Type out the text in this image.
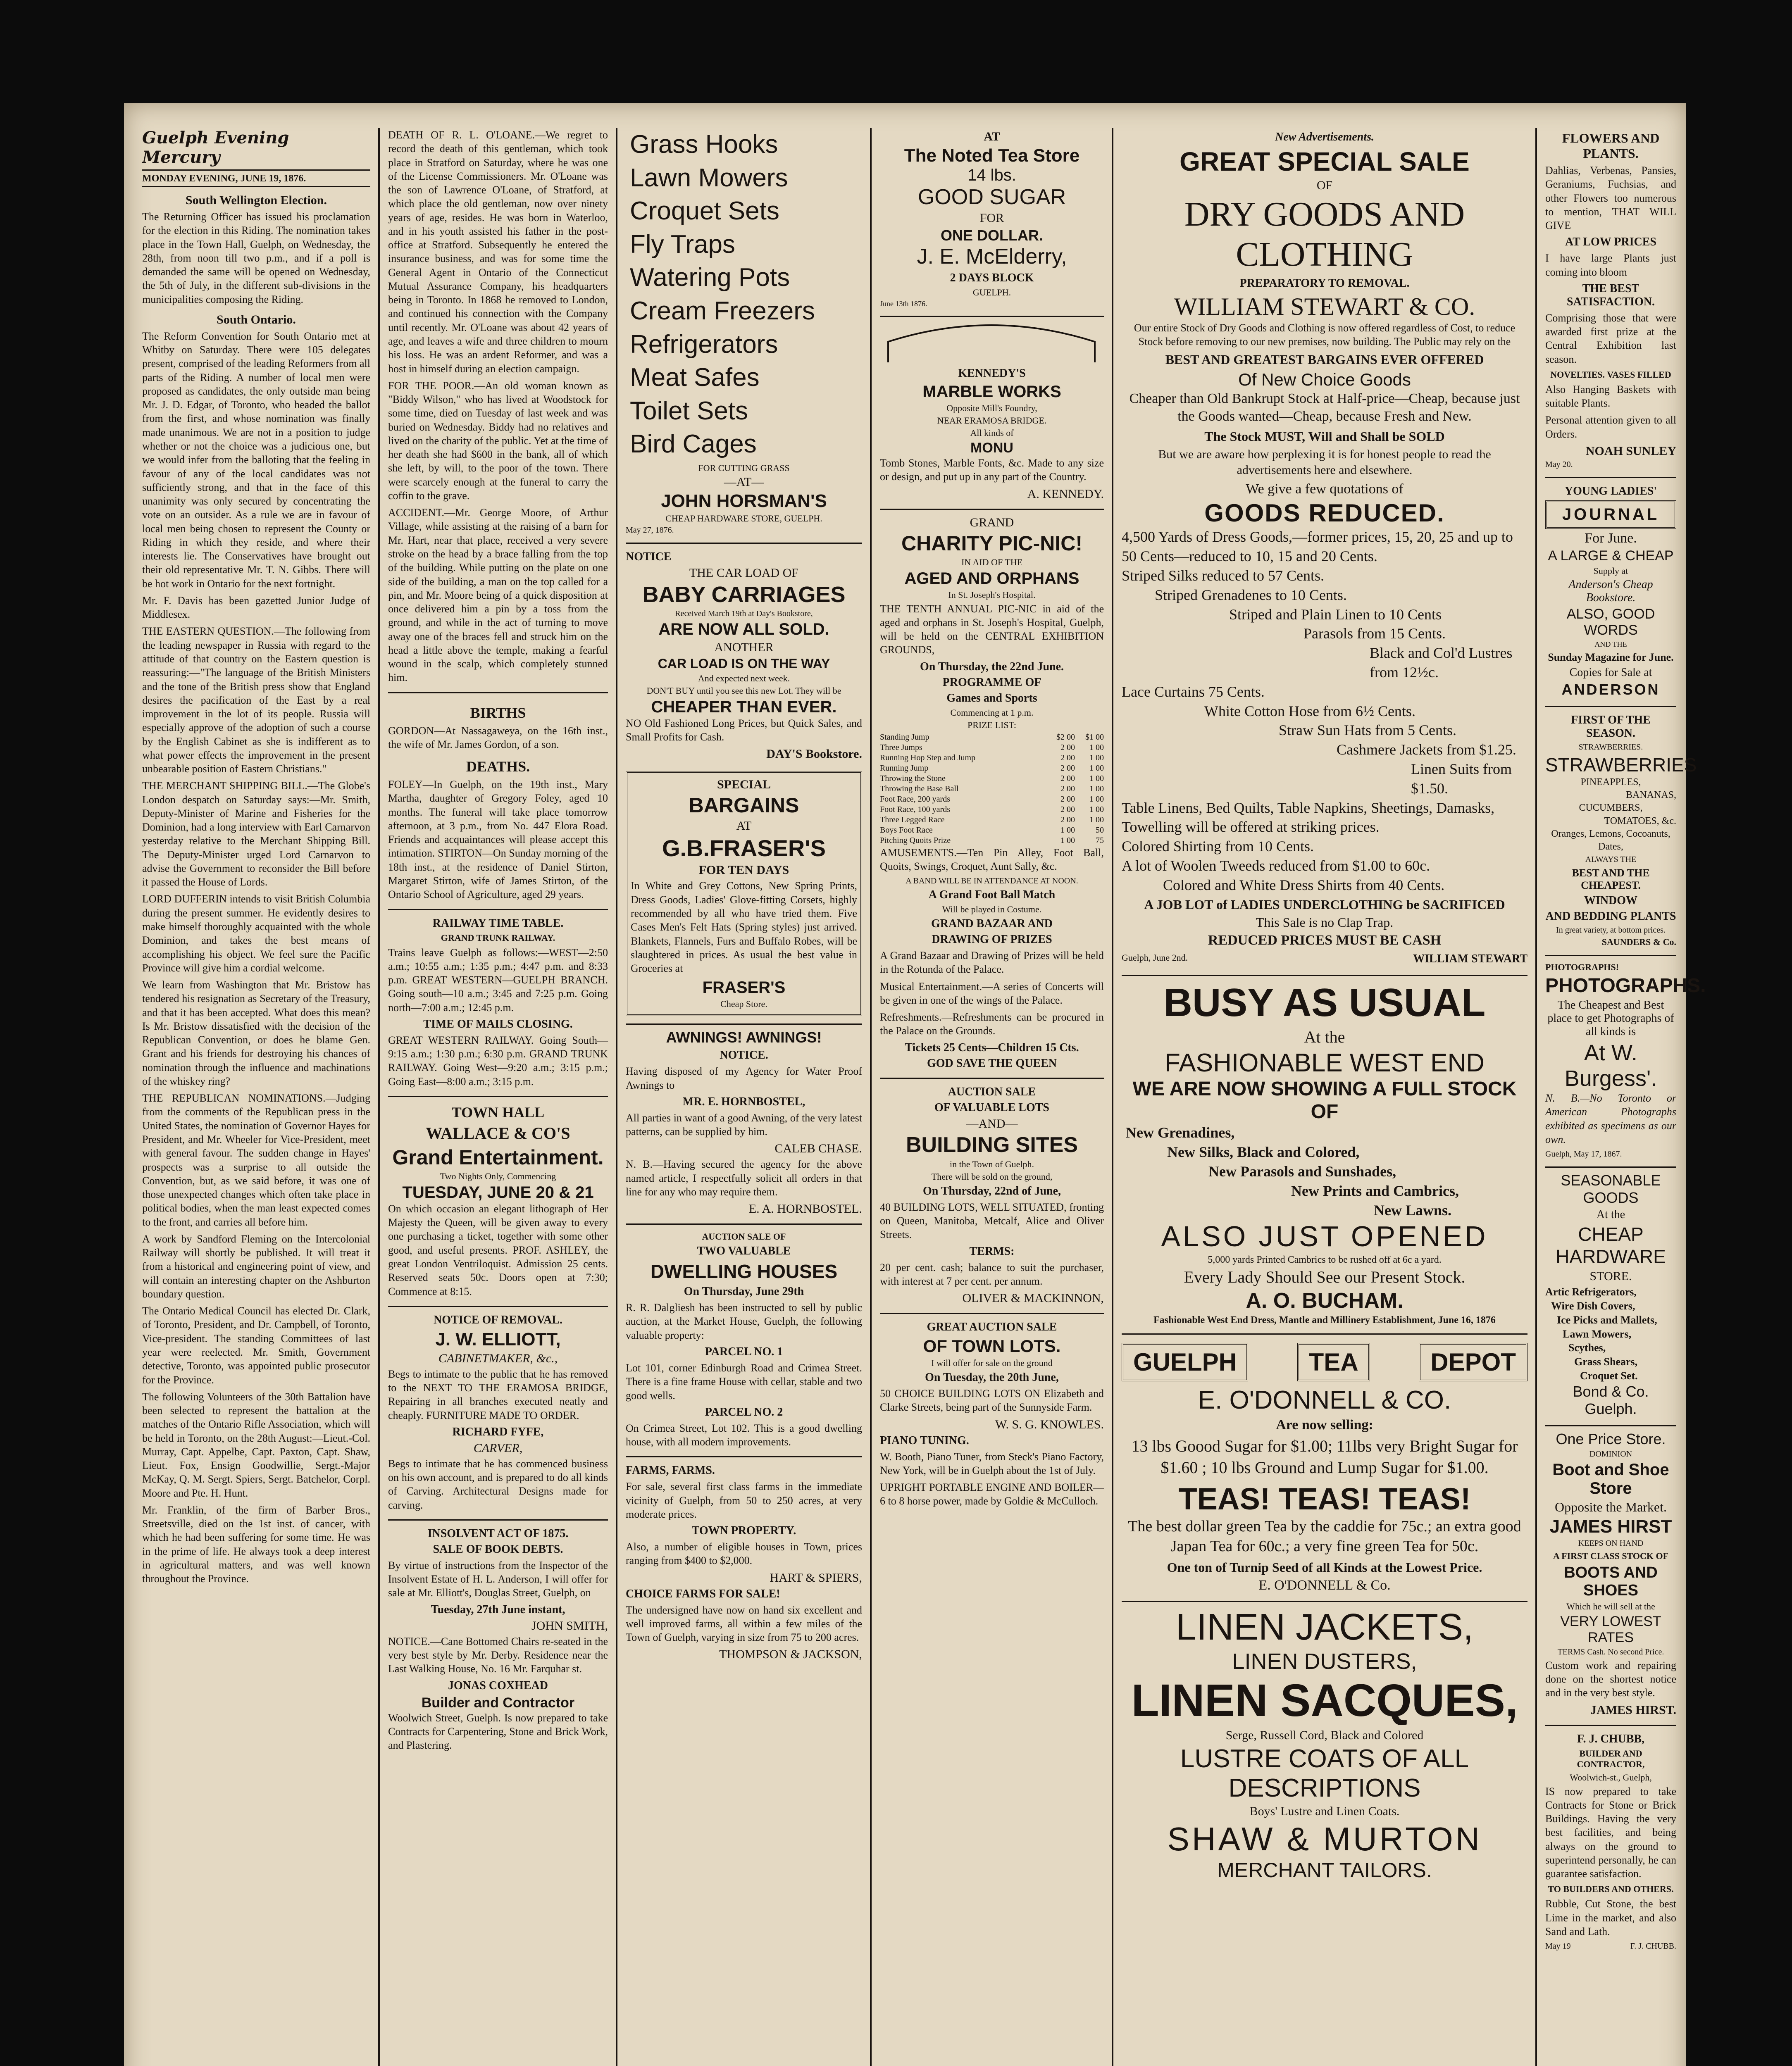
Guelph Evening Mercury
MONDAY EVENING, JUNE 19, 1876.
South Wellington Election.

The Returning Officer has issued his proclamation for the election in this Riding. The nomination takes place in the Town Hall, Guelph, on Wednesday, the 28th, from noon till two p.m., and if a poll is demanded the same will be opened on Wednesday, the 5th of July, in the different sub-divisions in the municipalities composing the Riding.

South Ontario.

The Reform Convention for South Ontario met at Whitby on Saturday. There were 105 delegates present, comprised of the leading Reformers from all parts of the Riding. A number of local men were proposed as candidates, the only outside man being Mr. J. D. Edgar, of Toronto, who headed the ballot from the first, and whose nomination was finally made unanimous. We are not in a position to judge whether or not the choice was a judicious one, but we would infer from the balloting that the feeling in favour of any of the local candidates was not sufficiently strong, and that in the face of this unanimity was only secured by concentrating the vote on an outsider. As a rule we are in favour of local men being chosen to represent the County or Riding in which they reside, and where their interests lie. The Conservatives have brought out their old representative Mr. T. N. Gibbs. There will be hot work in Ontario for the next fortnight.

Mr. F. Davis has been gazetted Junior Judge of Middlesex.

THE EASTERN QUESTION.—The following from the leading newspaper in Russia with regard to the attitude of that country on the Eastern question is reassuring:—"The language of the British Ministers and the tone of the British press show that England desires the pacification of the East by a real improvement in the lot of its people. Russia will especially approve of the adoption of such a course by the English Cabinet as she is indifferent as to what power effects the improvement in the present unbearable position of Eastern Christians."

THE MERCHANT SHIPPING BILL.—The Globe's London despatch on Saturday says:—Mr. Smith, Deputy-Minister of Marine and Fisheries for the Dominion, had a long interview with Earl Carnarvon yesterday relative to the Merchant Shipping Bill. The Deputy-Minister urged Lord Carnarvon to advise the Government to reconsider the Bill before it passed the House of Lords.

LORD DUFFERIN intends to visit British Columbia during the present summer. He evidently desires to make himself thoroughly acquainted with the whole Dominion, and takes the best means of accomplishing his object. We feel sure the Pacific Province will give him a cordial welcome.

We learn from Washington that Mr. Bristow has tendered his resignation as Secretary of the Treasury, and that it has been accepted. What does this mean? Is Mr. Bristow dissatisfied with the decision of the Republican Convention, or does he blame Gen. Grant and his friends for destroying his chances of nomination through the influence and machinations of the whiskey ring?

THE REPUBLICAN NOMINATIONS.—Judging from the comments of the Republican press in the United States, the nomination of Governor Hayes for President, and Mr. Wheeler for Vice-President, meet with general favour. The sudden change in Hayes' prospects was a surprise to all outside the Convention, but, as we said before, it was one of those unexpected changes which often take place in political bodies, when the man least expected comes to the front, and carries all before him.

A work by Sandford Fleming on the Intercolonial Railway will shortly be published. It will treat it from a historical and engineering point of view, and will contain an interesting chapter on the Ashburton boundary question.

The Ontario Medical Council has elected Dr. Clark, of Toronto, President, and Dr. Campbell, of Toronto, Vice-president. The standing Committees of last year were reelected. Mr. Smith, Government detective, Toronto, was appointed public prosecutor for the Province.

The following Volunteers of the 30th Battalion have been selected to represent the battalion at the matches of the Ontario Rifle Association, which will be held in Toronto, on the 28th August:—Lieut.-Col. Murray, Capt. Appelbe, Capt. Paxton, Capt. Shaw, Lieut. Fox, Ensign Goodwillie, Sergt.-Major McKay, Q. M. Sergt. Spiers, Sergt. Batchelor, Corpl. Moore and Pte. H. Hunt.

Mr. Franklin, of the firm of Barber Bros., Streetsville, died on the 1st inst. of cancer, with which he had been suffering for some time. He was in the prime of life. He always took a deep interest in agricultural matters, and was well known throughout the Province.

DEATH OF R. L. O'LOANE.—We regret to record the death of this gentleman, which took place in Stratford on Saturday, where he was one of the License Commissioners. Mr. O'Loane was the son of Lawrence O'Loane, of Stratford, at which place the old gentleman, now over ninety years of age, resides. He was born in Waterloo, and in his youth assisted his father in the post-office at Stratford. Subsequently he entered the insurance business, and was for some time the General Agent in Ontario of the Connecticut Mutual Assurance Company, his headquarters being in Toronto. In 1868 he removed to London, and continued his connection with the Company until recently. Mr. O'Loane was about 42 years of age, and leaves a wife and three children to mourn his loss. He was an ardent Reformer, and was a host in himself during an election campaign.

FOR THE POOR.—An old woman known as "Biddy Wilson," who has lived at Woodstock for some time, died on Tuesday of last week and was buried on Wednesday. Biddy had no relatives and lived on the charity of the public. Yet at the time of her death she had $600 in the bank, all of which she left, by will, to the poor of the town. There were scarcely enough at the funeral to carry the coffin to the grave.

ACCIDENT.—Mr. George Moore, of Arthur Village, while assisting at the raising of a barn for Mr. Hart, near that place, received a very severe stroke on the head by a brace falling from the top of the building. While putting on the plate on one side of the building, a man on the top called for a pin, and Mr. Moore being of a quick disposition at once delivered him a pin by a toss from the ground, and while in the act of turning to move away one of the braces fell and struck him on the head a little above the temple, making a fearful wound in the scalp, which completely stunned him.

BIRTHS

GORDON—At Nassagaweya, on the 16th inst., the wife of Mr. James Gordon, of a son.

DEATHS.

FOLEY—In Guelph, on the 19th inst., Mary Martha, daughter of Gregory Foley, aged 10 months. The funeral will take place tomorrow afternoon, at 3 p.m., from No. 447 Elora Road. Friends and acquaintances will please accept this intimation. STIRTON—On Sunday morning of the 18th inst., at the residence of Daniel Stirton, Margaret Stirton, wife of James Stirton, of the Ontario School of Agriculture, aged 29 years.

RAILWAY TIME TABLE.
GRAND TRUNK RAILWAY.

Trains leave Guelph as follows:—WEST—2:50 a.m.; 10:55 a.m.; 1:35 p.m.; 4:47 p.m. and 8:33 p.m. GREAT WESTERN—GUELPH BRANCH. Going south—10 a.m.; 3:45 and 7:25 p.m. Going north—7:00 a.m.; 12:45 p.m.

TIME OF MAILS CLOSING.

GREAT WESTERN RAILWAY. Going South—9:15 a.m.; 1:30 p.m.; 6:30 p.m. GRAND TRUNK RAILWAY. Going West—9:20 a.m.; 3:15 p.m.; Going East—8:00 a.m.; 3:15 p.m.

TOWN HALL
WALLACE & CO'S
Grand Entertainment.
Two Nights Only, Commencing
TUESDAY, JUNE 20 & 21

On which occasion an elegant lithograph of Her Majesty the Queen, will be given away to every one purchasing a ticket, together with some other good, and useful presents. PROF. ASHLEY, the great London Ventriloquist. Admission 25 cents. Reserved seats 50c. Doors open at 7:30; Commence at 8:15.

NOTICE OF REMOVAL.
J. W. ELLIOTT,
CABINETMAKER, &c.,

Begs to intimate to the public that he has removed to the NEXT TO THE ERAMOSA BRIDGE, Repairing in all branches executed neatly and cheaply. FURNITURE MADE TO ORDER.

RICHARD FYFE,
CARVER,

Begs to intimate that he has commenced business on his own account, and is prepared to do all kinds of Carving. Architectural Designs made for carving.

INSOLVENT ACT OF 1875.
SALE OF BOOK DEBTS.

By virtue of instructions from the Inspector of the Insolvent Estate of H. L. Anderson, I will offer for sale at Mr. Elliott's, Douglas Street, Guelph, on

Tuesday, 27th June instant,
JOHN SMITH,

NOTICE.—Cane Bottomed Chairs re-seated in the very best style by Mr. Derby. Residence near the Last Walking House, No. 16 Mr. Farquhar st.

JONAS COXHEAD
Builder and Contractor

Woolwich Street, Guelph. Is now prepared to take Contracts for Carpentering, Stone and Brick Work, and Plastering.

Grass Hooks
Lawn Mowers
Croquet Sets
Fly Traps
Watering Pots
Cream Freezers
Refrigerators
Meat Safes
Toilet Sets
Bird Cages
FOR CUTTING GRASS
—AT—
JOHN HORSMAN'S
CHEAP HARDWARE STORE, GUELPH.
May 27, 1876.
NOTICE
THE CAR LOAD OF
BABY CARRIAGES
Received March 19th at Day's Bookstore,
ARE NOW ALL SOLD.
ANOTHER
CAR LOAD IS ON THE WAY
And expected next week.
DON'T BUY until you see this new Lot. They will be
CHEAPER THAN EVER.

NO Old Fashioned Long Prices, but Quick Sales, and Small Profits for Cash.

DAY'S Bookstore.
SPECIAL
BARGAINS
AT
G.B.FRASER'S
FOR TEN DAYS

In White and Grey Cottons, New Spring Prints, Dress Goods, Ladies' Glove-fitting Corsets, highly recommended by all who have tried them. Five Cases Men's Felt Hats (Spring styles) just arrived. Blankets, Flannels, Furs and Buffalo Robes, will be slaughtered in prices. As usual the best value in Groceries at

FRASER'S
Cheap Store.
AWNINGS! AWNINGS!
NOTICE.

Having disposed of my Agency for Water Proof Awnings to

MR. E. HORNBOSTEL,

All parties in want of a good Awning, of the very latest patterns, can be supplied by him.

CALEB CHASE.

N. B.—Having secured the agency for the above named article, I respectfully solicit all orders in that line for any who may require them.

E. A. HORNBOSTEL.
AUCTION SALE OF
TWO VALUABLE
DWELLING HOUSES
On Thursday, June 29th

R. R. Dalgliesh has been instructed to sell by public auction, at the Market House, Guelph, the following valuable property:

PARCEL NO. 1

Lot 101, corner Edinburgh Road and Crimea Street. There is a fine frame House with cellar, stable and two good wells.

PARCEL NO. 2

On Crimea Street, Lot 102. This is a good dwelling house, with all modern improvements.

FARMS, FARMS.

For sale, several first class farms in the immediate vicinity of Guelph, from 50 to 250 acres, at very moderate prices.

TOWN PROPERTY.

Also, a number of eligible houses in Town, prices ranging from $400 to $2,000.

HART & SPIERS,
CHOICE FARMS FOR SALE!

The undersigned have now on hand six excellent and well improved farms, all within a few miles of the Town of Guelph, varying in size from 75 to 200 acres.

THOMPSON & JACKSON,
AT
The Noted Tea Store
14 lbs.
GOOD SUGAR
FOR
ONE DOLLAR.
J. E. McElderry,
2 DAYS BLOCK
GUELPH.
June 13th 1876.
KENNEDY'S
MARBLE WORKS
Opposite Mill's Foundry,
NEAR ERAMOSA BRIDGE.
All kinds of
MONU

Tomb Stones, Marble Fonts, &c. Made to any size or design, and put up in any part of the Country.

A. KENNEDY.
GRAND
CHARITY PIC-NIC!
IN AID OF THE
AGED AND ORPHANS
In St. Joseph's Hospital.

THE TENTH ANNUAL PIC-NIC in aid of the aged and orphans in St. Joseph's Hospital, Guelph, will be held on the CENTRAL EXHIBITION GROUNDS,

On Thursday, the 22nd June.
PROGRAMME OF
Games and Sports
Commencing at 1 p.m.
PRIZE LIST:
Standing Jump	$2 00	$1 00
Three Jumps	2 00	1 00
Running Hop Step and Jump	2 00	1 00
Running Jump	2 00	1 00
Throwing the Stone	2 00	1 00
Throwing the Base Ball	2 00	1 00
Foot Race, 200 yards	2 00	1 00
Foot Race, 100 yards	2 00	1 00
Three Legged Race	2 00	1 00
Boys Foot Race	1 00	50
Pitching Quoits Prize	1 00	75

AMUSEMENTS.—Ten Pin Alley, Foot Ball, Quoits, Swings, Croquet, Aunt Sally, &c.

A BAND WILL BE IN ATTENDANCE AT NOON.
A Grand Foot Ball Match
Will be played in Costume.
GRAND BAZAAR AND
DRAWING OF PRIZES

A Grand Bazaar and Drawing of Prizes will be held in the Rotunda of the Palace.

Musical Entertainment.—A series of Concerts will be given in one of the wings of the Palace.

Refreshments.—Refreshments can be procured in the Palace on the Grounds.

Tickets 25 Cents—Children 15 Cts.
GOD SAVE THE QUEEN
AUCTION SALE
OF VALUABLE LOTS
—AND—
BUILDING SITES
in the Town of Guelph.
There will be sold on the ground,
On Thursday, 22nd of June,

40 BUILDING LOTS, WELL SITUATED, fronting on Queen, Manitoba, Metcalf, Alice and Oliver Streets.

TERMS:

20 per cent. cash; balance to suit the purchaser, with interest at 7 per cent. per annum.

OLIVER & MACKINNON,
GREAT AUCTION SALE
OF TOWN LOTS.
I will offer for sale on the ground
On Tuesday, the 20th June,

50 CHOICE BUILDING LOTS ON Elizabeth and Clarke Streets, being part of the Sunnyside Farm.

W. S. G. KNOWLES.
PIANO TUNING.

W. Booth, Piano Tuner, from Steck's Piano Factory, New York, will be in Guelph about the 1st of July.

UPRIGHT PORTABLE ENGINE AND BOILER—6 to 8 horse power, made by Goldie & McCulloch.

New Advertisements.
GREAT SPECIAL SALE
OF
DRY GOODS AND CLOTHING
PREPARATORY TO REMOVAL.
WILLIAM STEWART & CO.

Our entire Stock of Dry Goods and Clothing is now offered regardless of Cost, to reduce Stock before removing to our new premises, now building. The Public may rely on the

BEST AND GREATEST BARGAINS EVER OFFERED
Of New Choice Goods

Cheaper than Old Bankrupt Stock at Half-price—Cheap, because just the Goods wanted—Cheap, because Fresh and New.

The Stock MUST, Will and Shall be SOLD

But we are aware how perplexing it is for honest people to read the advertisements here and elsewhere.

We give a few quotations of
GOODS REDUCED.
4,500 Yards of Dress Goods,—former prices, 15, 20, 25 and up to 50 Cents—reduced to 10, 15 and 20 Cents.
Striped Silks reduced to 57 Cents.
Striped Grenadenes to 10 Cents.
Striped and Plain Linen to 10 Cents
Parasols from 15 Cents.
Black and Col'd Lustres from 12½c.
Lace Curtains 75 Cents.
White Cotton Hose from 6½ Cents.
Straw Sun Hats from 5 Cents.
Cashmere Jackets from $1.25.
Linen Suits from $1.50.
Table Linens, Bed Quilts, Table Napkins, Sheetings, Damasks,
Towelling will be offered at striking prices.
Colored Shirting from 10 Cents.
A lot of Woolen Tweeds reduced from $1.00 to 60c.
Colored and White Dress Shirts from 40 Cents.
A JOB LOT of LADIES UNDERCLOTHING be SACRIFICED
This Sale is no Clap Trap.
REDUCED PRICES MUST BE CASH
Guelph, June 2nd.	WILLIAM STEWART
BUSY AS USUAL
At the
FASHIONABLE WEST END
WE ARE NOW SHOWING A FULL STOCK OF
New Grenadines,
New Silks, Black and Colored,
New Parasols and Sunshades,
New Prints and Cambrics,
New Lawns.
ALSO JUST OPENED
5,000 yards Printed Cambrics to be rushed off at 6c a yard.
Every Lady Should See our Present Stock.
A. O. BUCHAM.
Fashionable West End Dress, Mantle and Millinery Establishment, June 16, 1876
GUELPH	TEA	DEPOT
E. O'DONNELL & CO.
Are now selling:

13 lbs Goood Sugar for $1.00; 11lbs very Bright Sugar for $1.60 ; 10 lbs Ground and Lump Sugar for $1.00.

TEAS! TEAS! TEAS!

The best dollar green Tea by the caddie for 75c.; an extra good Japan Tea for 60c.; a very fine green Tea for 50c.

One ton of Turnip Seed of all Kinds at the Lowest Price.
E. O'DONNELL & Co.
LINEN JACKETS,
LINEN DUSTERS,
LINEN SACQUES,
Serge, Russell Cord, Black and Colored
LUSTRE COATS OF ALL DESCRIPTIONS
Boys' Lustre and Linen Coats.
SHAW & MURTON
MERCHANT TAILORS.
FLOWERS AND PLANTS.

Dahlias, Verbenas, Pansies, Geraniums, Fuchsias, and other Flowers too numerous to mention, THAT WILL GIVE

AT LOW PRICES

I have large Plants just coming into bloom

THE BEST SATISFACTION.

Comprising those that were awarded first prize at the Central Exhibition last season.

NOVELTIES. VASES FILLED

Also Hanging Baskets with suitable Plants.

Personal attention given to all Orders.

NOAH SUNLEY
May 20.
YOUNG LADIES'
JOURNAL
For June.
A LARGE & CHEAP
Supply at
Anderson's Cheap Bookstore.
ALSO, GOOD WORDS
AND THE
Sunday Magazine for June.
Copies for Sale at
ANDERSON
FIRST OF THE SEASON.
STRAWBERRIES.
STRAWBERRIES
PINEAPPLES,
BANANAS,
CUCUMBERS,
TOMATOES, &c.
Oranges, Lemons, Cocoanuts, Dates,
ALWAYS THE
BEST AND THE CHEAPEST.
WINDOW
AND BEDDING PLANTS
In great variety, at bottom prices.
SAUNDERS & Co.
PHOTOGRAPHS!
PHOTOGRAPHS.
The Cheapest and Best place to get Photographs of all kinds is
At W. Burgess'.

N. B.—No Toronto or American Photographs exhibited as specimens as our own.

Guelph, May 17, 1867.
SEASONABLE GOODS
At the
CHEAP HARDWARE
STORE.
Artic Refrigerators,
Wire Dish Covers,
Ice Picks and Mallets,
Lawn Mowers,
Scythes,
Grass Shears,
Croquet Set.
Bond & Co. Guelph.
One Price Store.
DOMINION
Boot and Shoe Store
Opposite the Market.
JAMES HIRST
KEEPS ON HAND
A FIRST CLASS STOCK OF
BOOTS AND SHOES
Which he will sell at the
VERY LOWEST RATES
TERMS Cash. No second Price.

Custom work and repairing done on the shortest notice and in the very best style.

JAMES HIRST.
F. J. CHUBB,
BUILDER AND CONTRACTOR,
Woolwich-st., Guelph,

IS now prepared to take Contracts for Stone or Brick Buildings. Having the very best facilities, and being always on the ground to superintend personally, he can guarantee satisfaction.

TO BUILDERS AND OTHERS.

Rubble, Cut Stone, the best Lime in the market, and also Sand and Lath.

May 19	F. J. CHUBB.
